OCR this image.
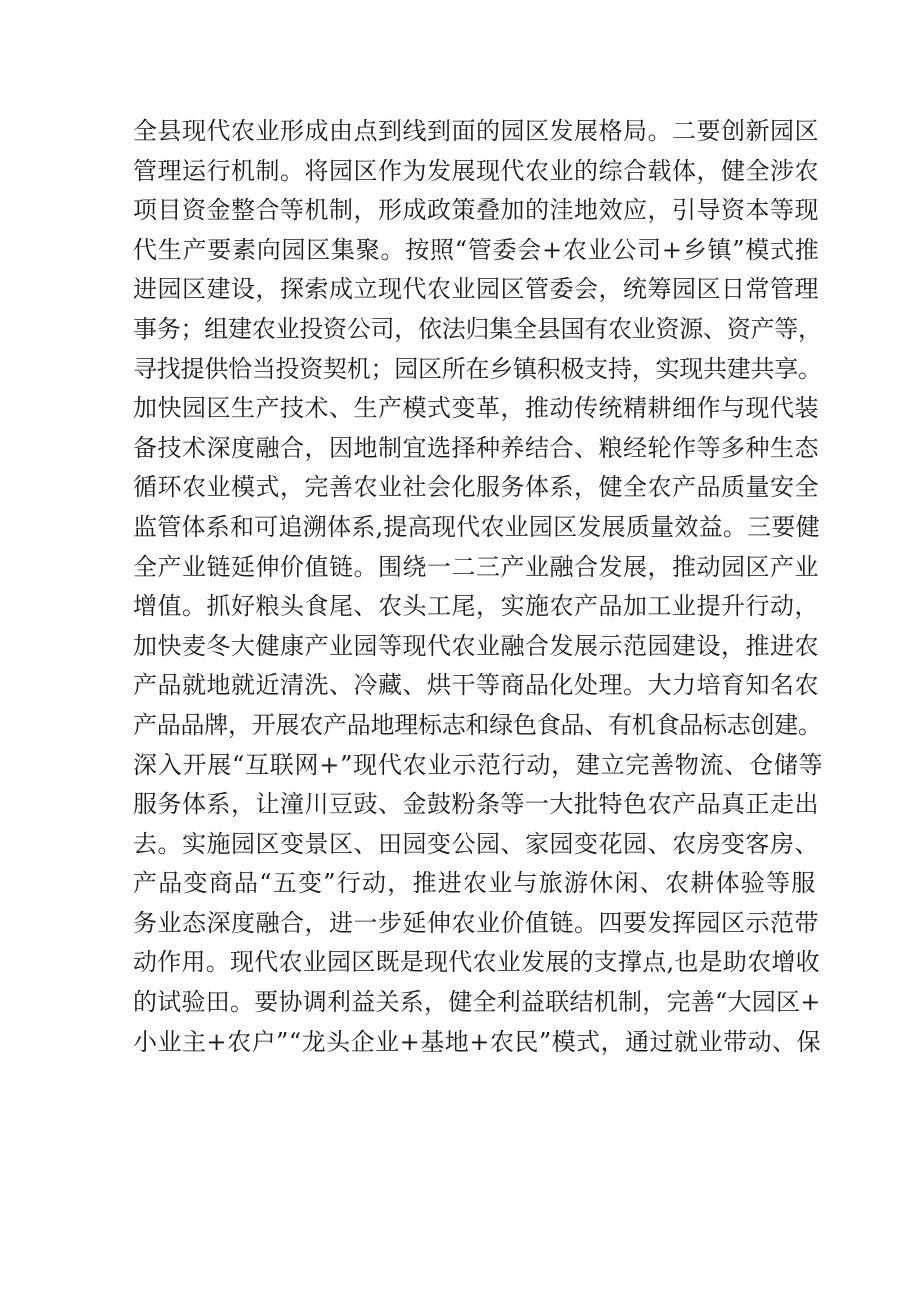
全县现代农业形成由点到线到面的园区发展格局。二要创新园区
管理运行机制。将园区作为发展现代农业的综合载体，健全涉农
项目资金整合等机制，形成政策叠加的洼地效应，引导资本等现
代生产要素向园区集聚。按照“管委会+农业公司+乡镇”模式推
进园区建设，探索成立现代农业园区管委会，统筹园区日常管理
事务；组建农业投资公司，依法归集全县国有农业资源、资产等，
寻找提供恰当投资契机；园区所在乡镇积极支持，实现共建共享。
加快园区生产技术、生产模式变革，推动传统精耕细作与现代装
备技术深度融合，因地制宜选择种养结合、粮经轮作等多种生态
循环农业模式，完善农业社会化服务体系，健全农产品质量安全
监管体系和可追溯体系,提高现代农业园区发展质量效益。三要健
全产业链延伸价值链。围绕一二三产业融合发展，推动园区产业
增值。抓好粮头食尾、农头工尾，实施农产品加工业提升行动，
加快麦冬大健康产业园等现代农业融合发展示范园建设，推进农
产品就地就近清洗、冷藏、烘干等商品化处理。大力培育知名农
产品品牌，开展农产品地理标志和绿色食品、有机食品标志创建。
深入开展“互联网+”现代农业示范行动，建立完善物流、仓储等
服务体系，让潼川豆豉、金鼓粉条等一大批特色农产品真正走出
去。实施园区变景区、田园变公园、家园变花园、农房变客房、
产品变商品“五变”行动，推进农业与旅游休闲、农耕体验等服
务业态深度融合，进一步延伸农业价值链。四要发挥园区示范带
动作用。现代农业园区既是现代农业发展的支撑点,也是助农增收
的试验田。要协调利益关系，健全利益联结机制，完善“大园区+
小业主+农户”“龙头企业+基地+农民”模式，通过就业带动、保
